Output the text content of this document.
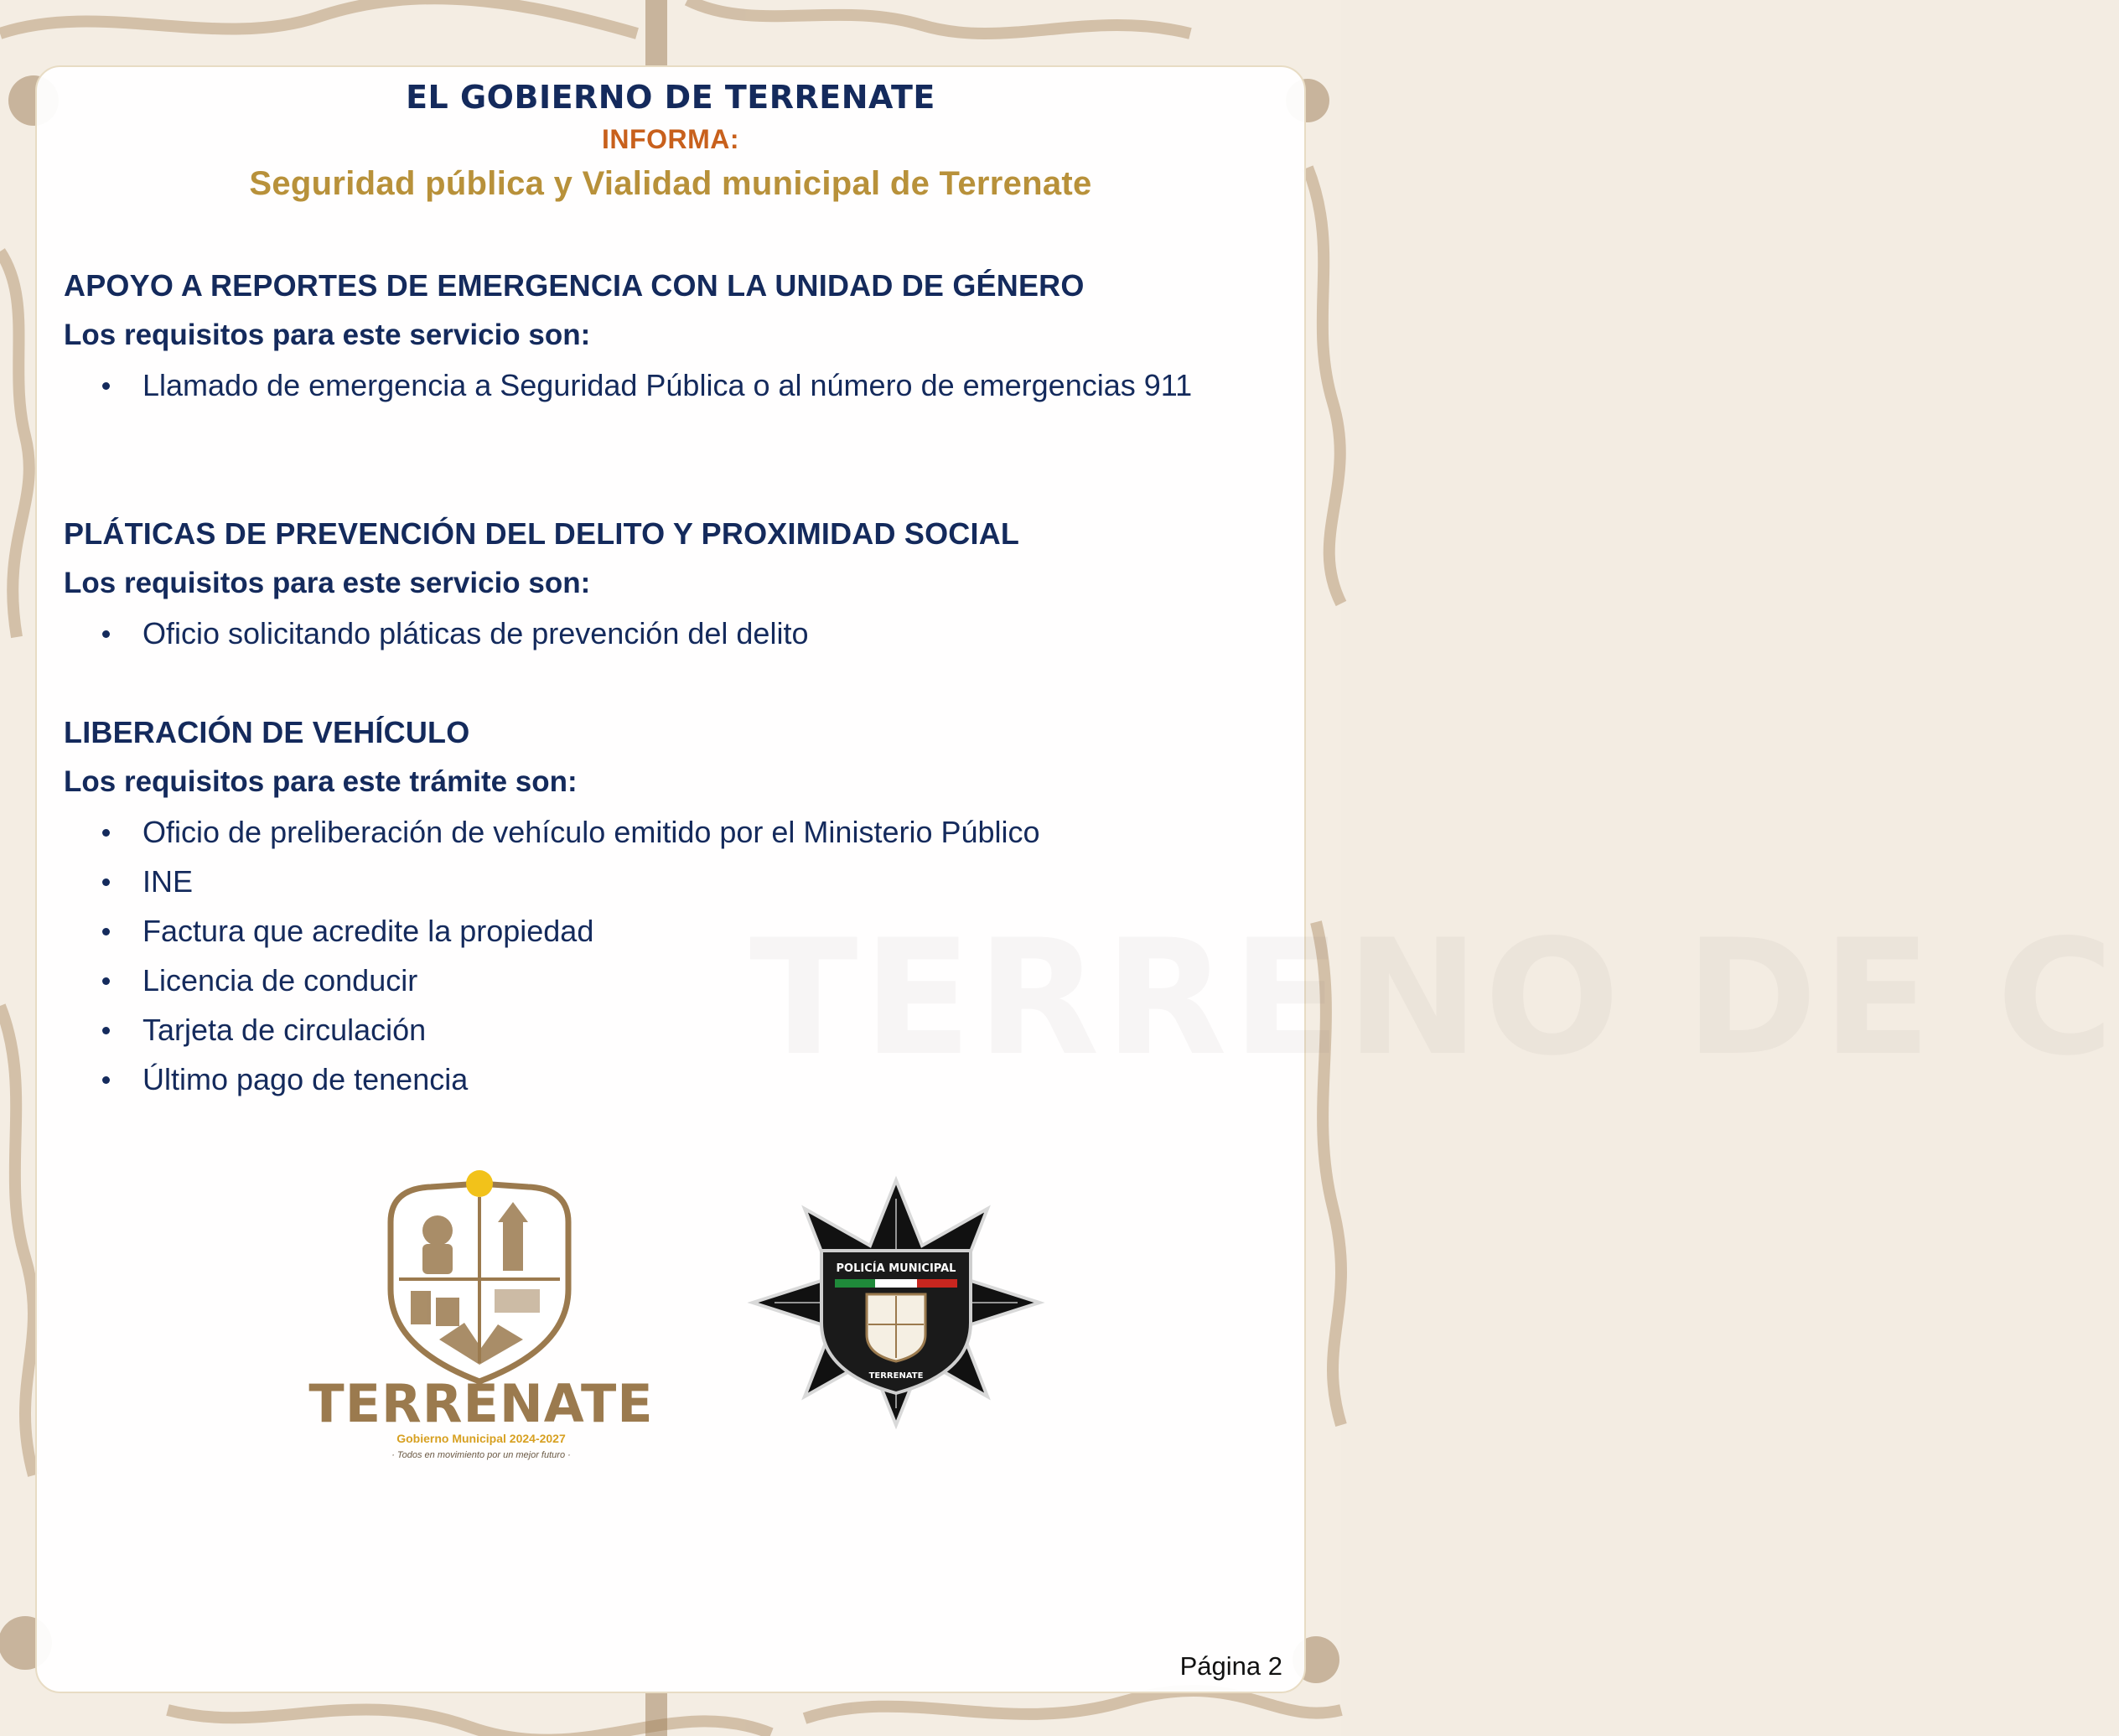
TERRENO DE C
EL GOBIERNO DE TERRENATE
INFORMA:
Seguridad pública y Vialidad municipal de Terrenate
APOYO A REPORTES DE EMERGENCIA CON LA UNIDAD DE GÉNERO
Los requisitos para este servicio son:
Llamado de emergencia a Seguridad Pública o al número de emergencias 911
PLÁTICAS DE PREVENCIÓN DEL DELITO Y PROXIMIDAD SOCIAL
Los requisitos para este servicio son:
Oficio solicitando pláticas de prevención del delito
LIBERACIÓN DE VEHÍCULO
Los requisitos para este trámite son:
Oficio de preliberación de vehículo emitido por el Ministerio Público
INE
Factura que acredite la propiedad
Licencia de conducir
Tarjeta de circulación
Último pago de tenencia
TERRENATE
Gobierno Municipal 2024-2027
· Todos en movimiento por un mejor futuro ·
POLICÍA MUNICIPAL
TERRENATE
Página 2
